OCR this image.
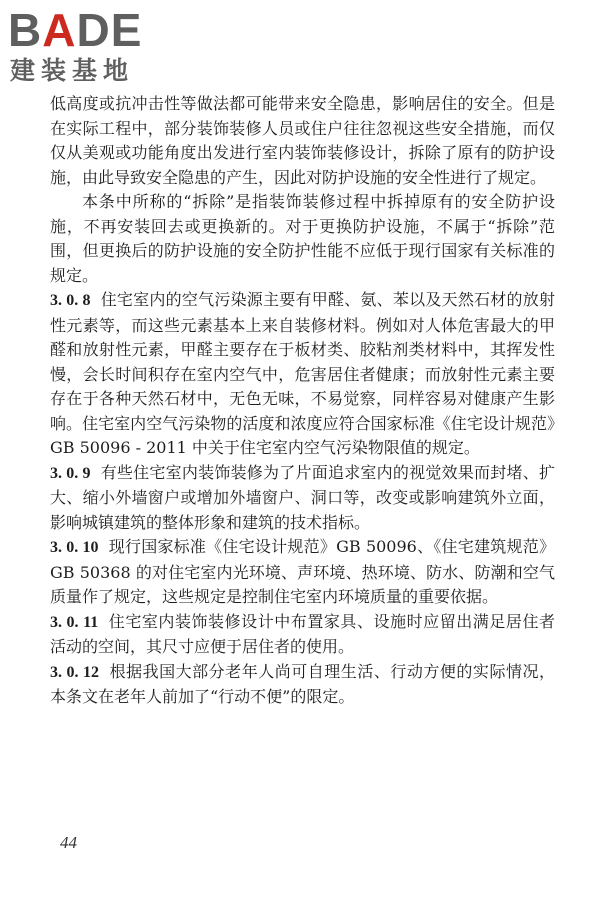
BADE
建装基地

低高度或抗冲击性等做法都可能带来安全隐患，影响居住的安全。但是在实际工程中，部分装饰装修人员或住户往往忽视这些安全措施，而仅仅从美观或功能角度出发进行室内装饰装修设计，拆除了原有的防护设施，由此导致安全隐患的产生，因此对防护设施的安全性进行了规定。

本条中所称的“拆除”是指装饰装修过程中拆掉原有的安全防护设施，不再安装回去或更换新的。对于更换防护设施，不属于“拆除”范围，但更换后的防护设施的安全防护性能不应低于现行国家有关标准的规定。

3. 0. 8 住宅室内的空气污染源主要有甲醛、氨、苯以及天然石材的放射性元素等，而这些元素基本上来自装修材料。例如对人体危害最大的甲醛和放射性元素，甲醛主要存在于板材类、胶粘剂类材料中，其挥发性慢，会长时间积存在室内空气中，危害居住者健康；而放射性元素主要存在于各种天然石材中，无色无味，不易觉察，同样容易对健康产生影响。住宅室内空气污染物的活度和浓度应符合国家标准《住宅设计规范》GB 50096 - 2011 中关于住宅室内空气污染物限值的规定。

3. 0. 9 有些住宅室内装饰装修为了片面追求室内的视觉效果而封堵、扩大、缩小外墙窗户或增加外墙窗户、洞口等，改变或影响建筑外立面，影响城镇建筑的整体形象和建筑的技术指标。

3. 0. 10 现行国家标准《住宅设计规范》GB 50096、《住宅建筑规范》GB 50368 的对住宅室内光环境、声环境、热环境、防水、防潮和空气质量作了规定，这些规定是控制住宅室内环境质量的重要依据。

3. 0. 11 住宅室内装饰装修设计中布置家具、设施时应留出满足居住者活动的空间，其尺寸应便于居住者的使用。

3. 0. 12 根据我国大部分老年人尚可自理生活、行动方便的实际情况，本条文在老年人前加了“行动不便”的限定。

44
